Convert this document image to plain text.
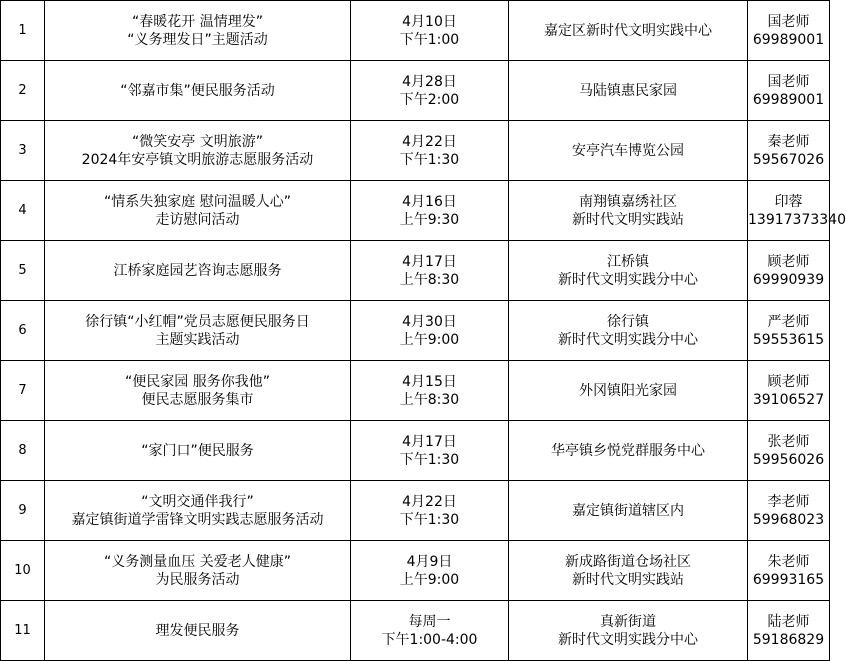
1	“春暖花开 温情理发”
“义务理发日”主题活动	4月10日
下午1:00	嘉定区新时代文明实践中心	国老师
69989001

2	“邻嘉市集”便民服务活动	4月28日
下午2:00	马陆镇惠民家园	国老师
69989001

3	“微笑安亭 文明旅游”
2024年安亭镇文明旅游志愿服务活动	4月22日
下午1:30	安亭汽车博览公园	秦老师
59567026

4	“情系失独家庭 慰问温暖人心”
走访慰问活动	4月16日
上午9:30	南翔镇嘉绣社区
新时代文明实践站	印蓉
13917373340

5	江桥家庭园艺咨询志愿服务	4月17日
上午8:30	江桥镇
新时代文明实践分中心	顾老师
69990939

6	徐行镇“小红帽”党员志愿便民服务日
主题实践活动	4月30日
上午9:00	徐行镇
新时代文明实践分中心	严老师
59553615

7	“便民家园 服务你我他”
便民志愿服务集市	4月15日
上午8:30	外冈镇阳光家园	顾老师
39106527

8	“家门口”便民服务	4月17日
下午1:30	华亭镇乡悦党群服务中心	张老师
59956026

9	“文明交通伴我行”
嘉定镇街道学雷锋文明实践志愿服务活动	4月22日
下午1:30	嘉定镇街道辖区内	李老师
59968023

10	“义务测量血压 关爱老人健康”
为民服务活动	4月9日
上午9:00	新成路街道仓场社区
新时代文明实践站	朱老师
69993165

11	理发便民服务	每周一
下午1:00-4:00	真新街道
新时代文明实践分中心	陆老师
59186829
